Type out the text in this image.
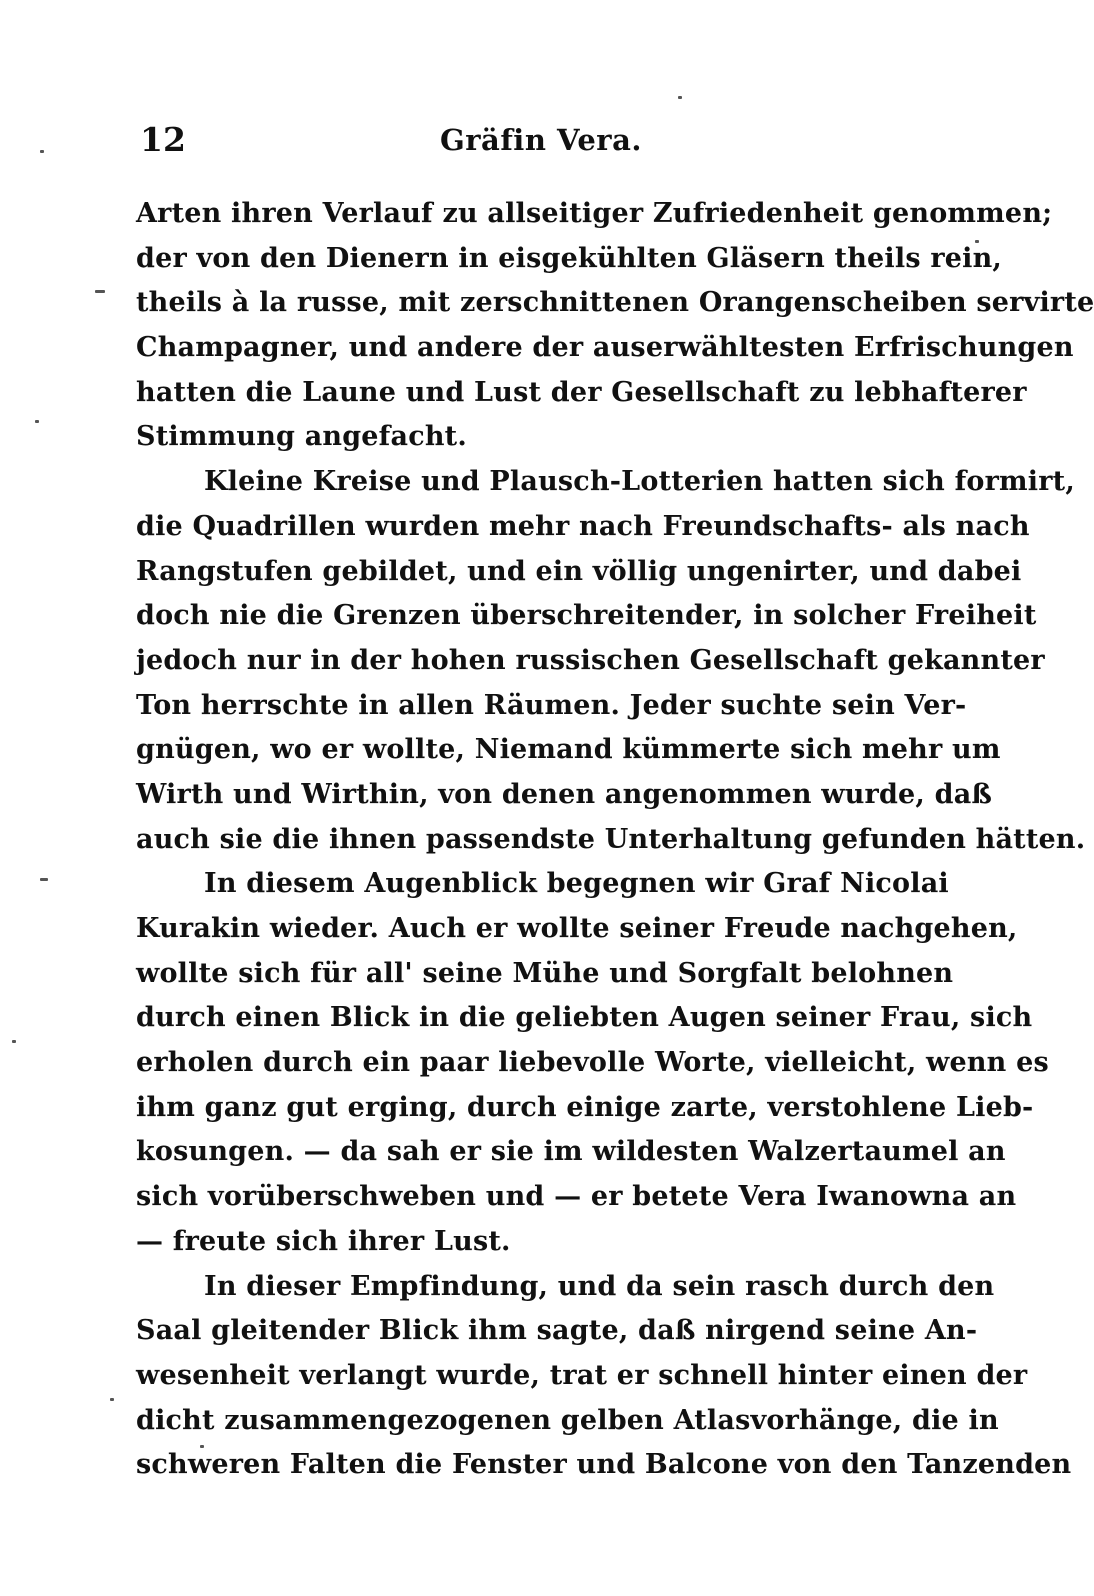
12	Gräfin Vera.
Arten ihren Verlauf zu allseitiger Zufriedenheit genommen;
der von den Dienern in eisgekühlten Gläsern theils rein,
theils à la russe, mit zerschnittenen Orangenscheiben servirte
Champagner, und andere der auserwähltesten Erfrischungen
hatten die Laune und Lust der Gesellschaft zu lebhafterer
Stimmung angefacht.
Kleine Kreise und Plausch-Lotterien hatten sich formirt,
die Quadrillen wurden mehr nach Freundschafts- als nach
Rangstufen gebildet, und ein völlig ungenirter, und dabei
doch nie die Grenzen überschreitender, in solcher Freiheit
jedoch nur in der hohen russischen Gesellschaft gekannter
Ton herrschte in allen Räumen. Jeder suchte sein Ver-
gnügen, wo er wollte, Niemand kümmerte sich mehr um
Wirth und Wirthin, von denen angenommen wurde, daß
auch sie die ihnen passendste Unterhaltung gefunden hätten.
In diesem Augenblick begegnen wir Graf Nicolai
Kurakin wieder. Auch er wollte seiner Freude nachgehen,
wollte sich für all' seine Mühe und Sorgfalt belohnen
durch einen Blick in die geliebten Augen seiner Frau, sich
erholen durch ein paar liebevolle Worte, vielleicht, wenn es
ihm ganz gut erging, durch einige zarte, verstohlene Lieb-
kosungen. — da sah er sie im wildesten Walzertaumel an
sich vorüberschweben und — er betete Vera Iwanowna an
— freute sich ihrer Lust.
In dieser Empfindung, und da sein rasch durch den
Saal gleitender Blick ihm sagte, daß nirgend seine An-
wesenheit verlangt wurde, trat er schnell hinter einen der
dicht zusammengezogenen gelben Atlasvorhänge, die in
schweren Falten die Fenster und Balcone von den Tanzenden
